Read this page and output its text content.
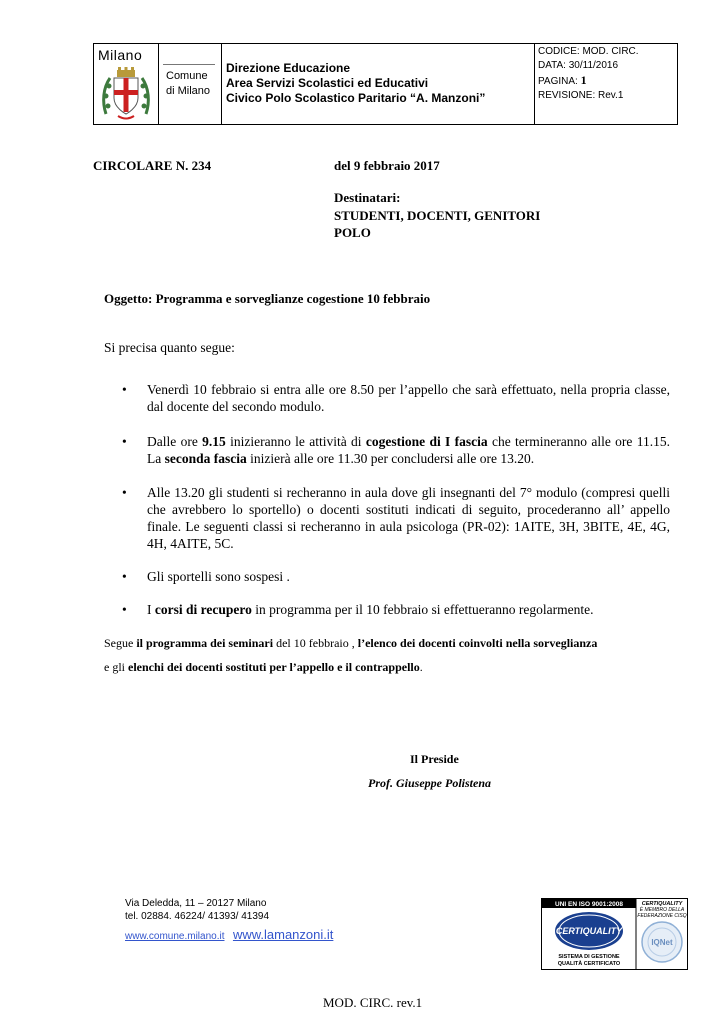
Milano
Comune
di Milano
Direzione Educazione
Area Servizi Scolastici ed Educativi
Civico Polo Scolastico Paritario “A. Manzoni”
CODICE: MOD. CIRC.
DATA: 30/11/2016
PAGINA: 1
REVISIONE: Rev.1
CIRCOLARE N. 234	del 9 febbraio 2017
Destinatari:
STUDENTI, DOCENTI, GENITORI
POLO
Oggetto: Programma e sorveglianze cogestione 10 febbraio
Si precisa quanto segue:
• Venerdì 10 febbraio si entra alle ore 8.50 per l’appello che sarà effettuato, nella propria classe, dal docente del secondo modulo.
• Dalle ore 9.15 inizieranno le attività di cogestione di I fascia che termineranno alle ore 11.15. La seconda fascia inizierà alle ore 11.30 per concludersi alle ore 13.20.
• Alle 13.20 gli studenti si recheranno in aula dove gli insegnanti del 7° modulo (compresi quelli che avrebbero lo sportello) o docenti sostituti indicati di seguito, procederanno all’ appello finale. Le seguenti classi si recheranno in aula psicologa (PR-02): 1AITE, 3H, 3BITE, 4E, 4G, 4H, 4AITE, 5C.
• Gli sportelli sono sospesi .
• I corsi di recupero in programma per il 10 febbraio si effettueranno regolarmente.
Segue il programma dei seminari del 10 febbraio , l’elenco dei docenti coinvolti nella sorveglianza
e gli elenchi dei docenti sostituti per l’appello e il contrappello.
Il Preside
Prof. Giuseppe Polistena
Via Deledda, 11 – 20127 Milano
tel. 02884. 46224/ 41393/ 41394
www.comune.milano.it www.lamanzoni.it
UNI EN ISO 9001:2008
CERTIQUALITY
SISTEMA DI GESTIONE
QUALITÀ CERTIFICATO
CERTIQUALITY
È MEMBRO DELLA
FEDERAZIONE CISQ
IQNet
MOD. CIRC. rev.1
